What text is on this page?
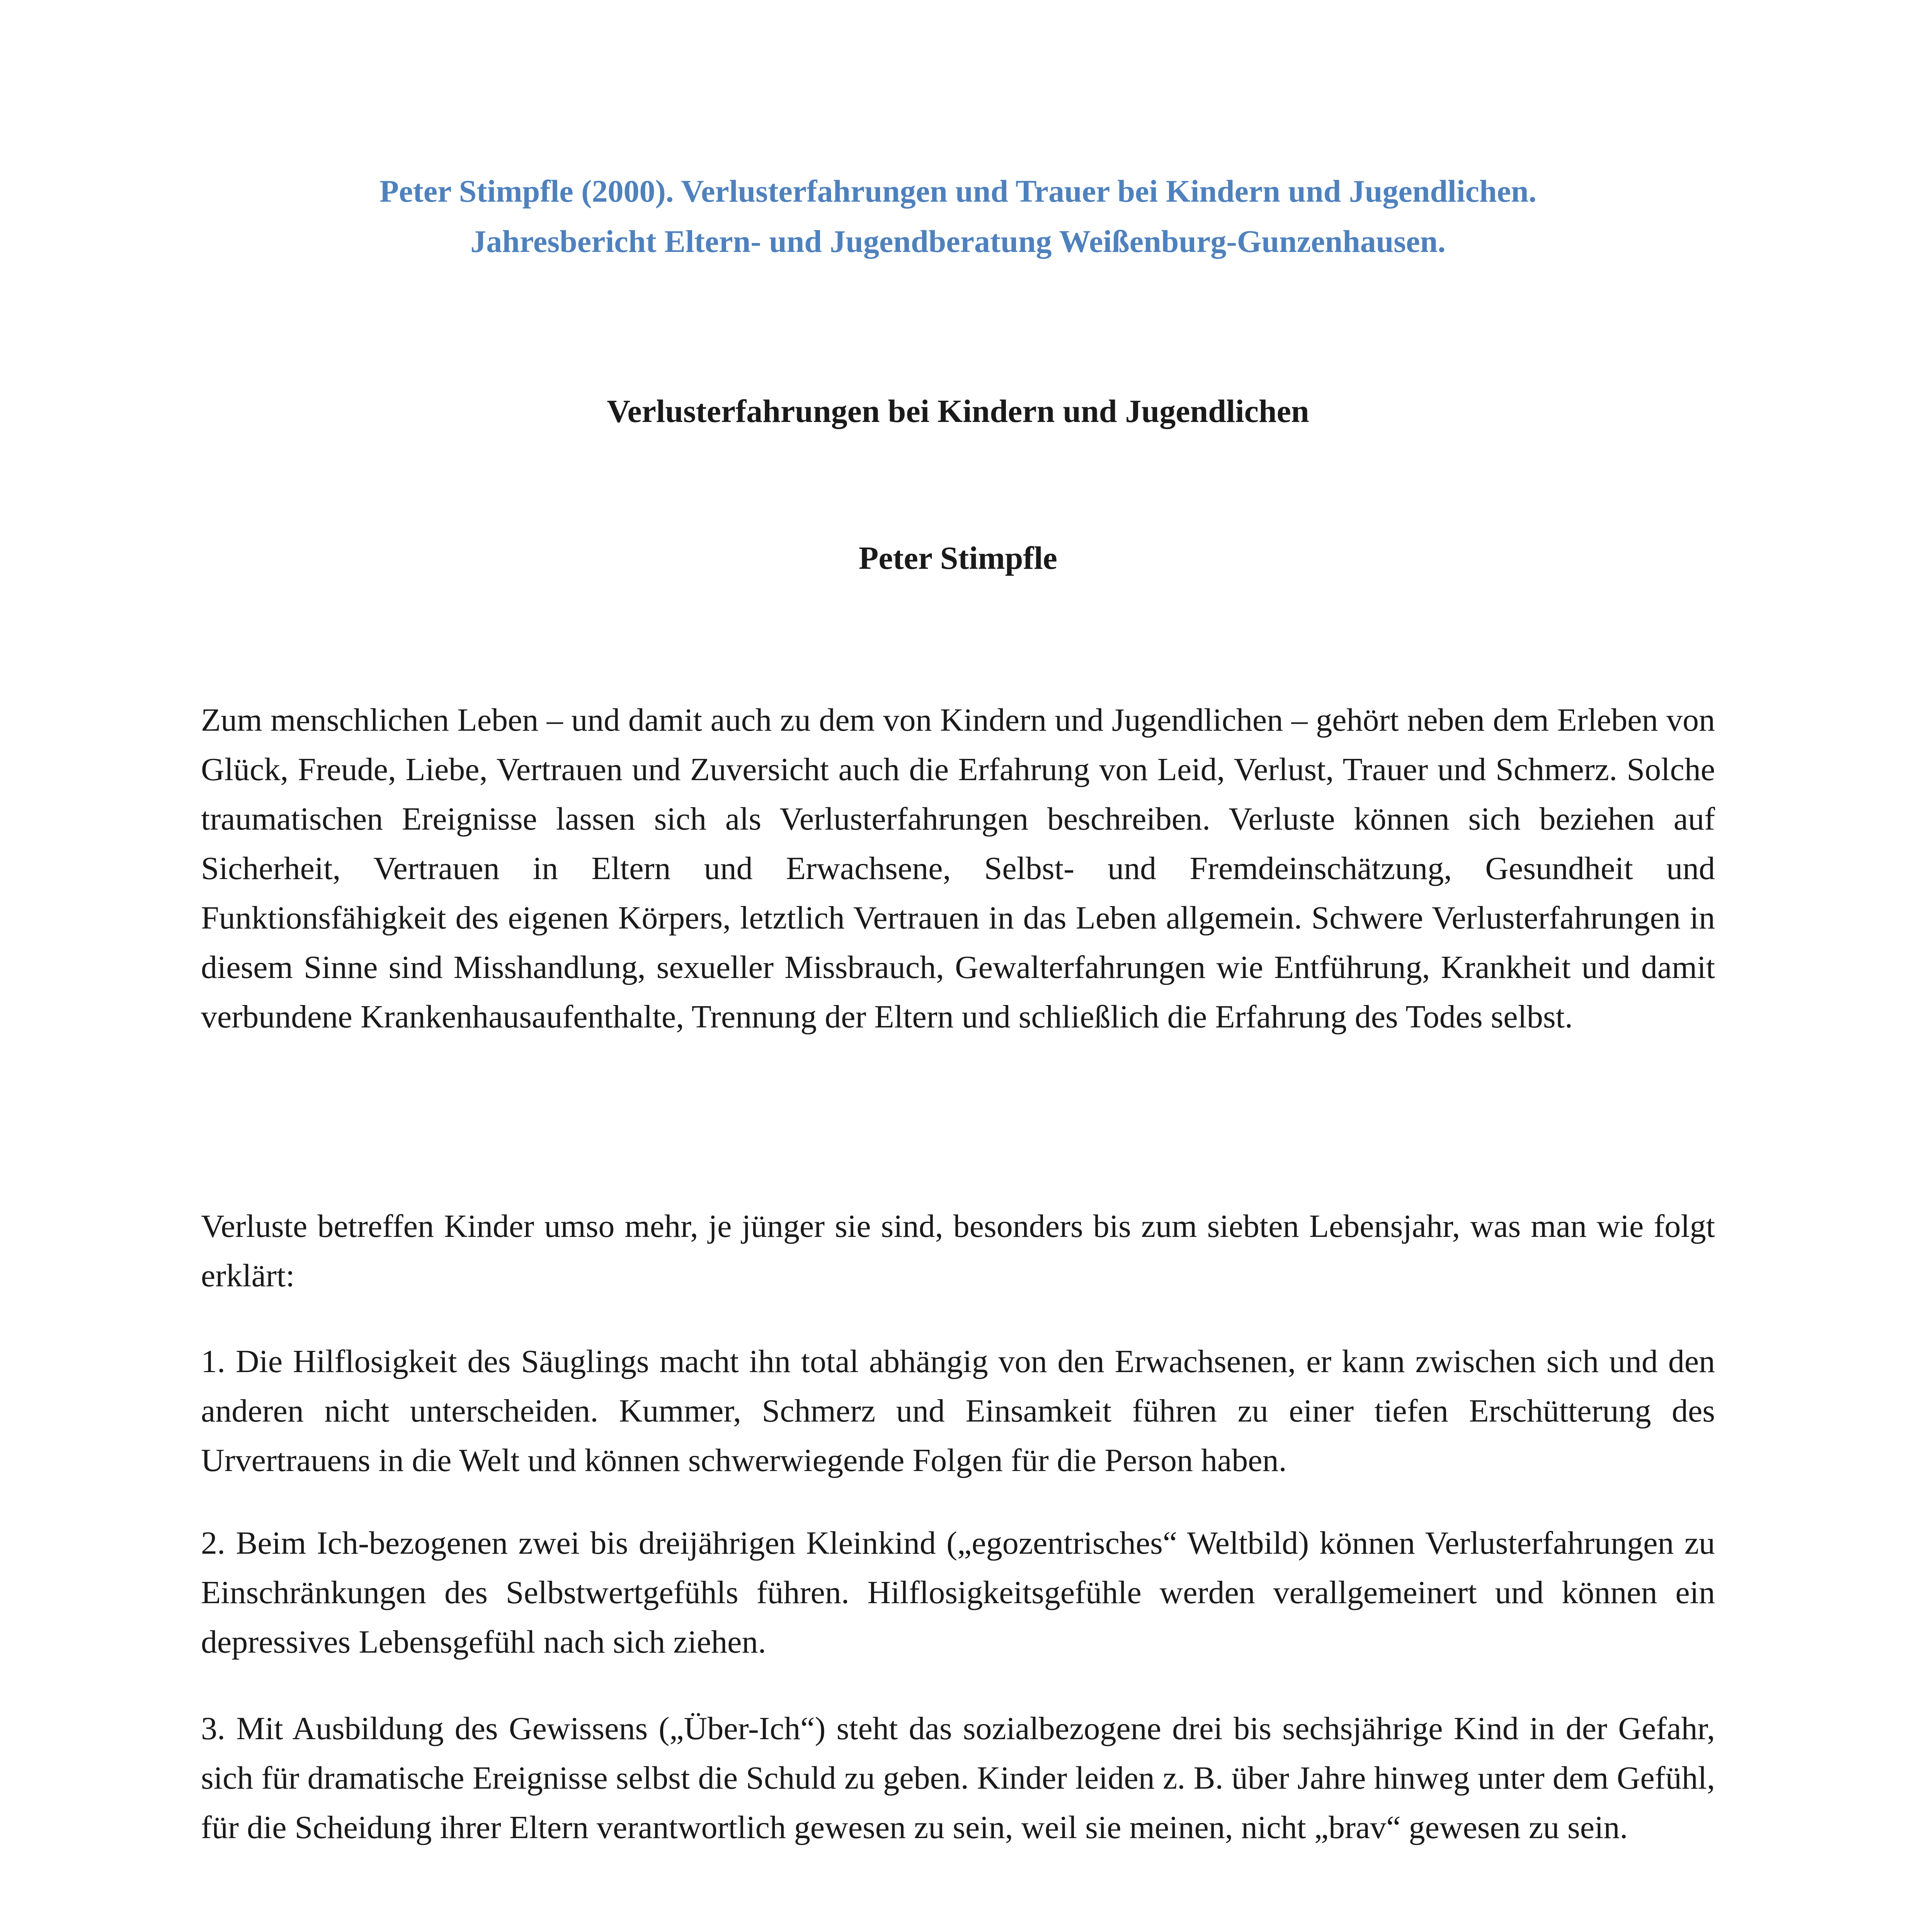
Peter Stimpfle (2000). Verlusterfahrungen und Trauer bei Kindern und Jugendlichen.
Jahresbericht Eltern- und Jugendberatung Weißenburg-Gunzenhausen.
Verlusterfahrungen bei Kindern und Jugendlichen
Peter Stimpfle
Zum menschlichen Leben – und damit auch zu dem von Kindern und Jugendlichen – gehört neben dem Erleben von Glück, Freude, Liebe, Vertrauen und Zuversicht auch die Erfahrung von Leid, Verlust, Trauer und Schmerz. Solche traumatischen Ereignisse lassen sich als Verlusterfahrungen beschreiben. Verluste können sich beziehen auf Sicherheit, Vertrauen in Eltern und Erwachsene, Selbst- und Fremdeinschätzung, Gesundheit und Funktionsfähigkeit des eigenen Körpers, letztlich Vertrauen in das Leben allgemein. Schwere Verlusterfahrungen in diesem Sinne sind Misshandlung, sexueller Missbrauch, Gewalterfahrungen wie Entführung, Krankheit und damit verbundene Krankenhausaufenthalte, Trennung der Eltern und schließlich die Erfahrung des Todes selbst.
Verluste betreffen Kinder umso mehr, je jünger sie sind, besonders bis zum siebten Lebensjahr, was man wie folgt erklärt:
1. Die Hilflosigkeit des Säuglings macht ihn total abhängig von den Erwachsenen, er kann zwischen sich und den anderen nicht unterscheiden. Kummer, Schmerz und Einsamkeit führen zu einer tiefen Erschütterung des Urvertrauens in die Welt und können schwerwiegende Folgen für die Person haben.
2. Beim Ich-bezogenen zwei bis dreijährigen Kleinkind („egozentrisches“ Weltbild) können Verlusterfahrungen zu Einschränkungen des Selbstwertgefühls führen. Hilflosigkeitsgefühle werden verallgemeinert und können ein depressives Lebensgefühl nach sich ziehen.
3. Mit Ausbildung des Gewissens („Über-Ich“) steht das sozialbezogene drei bis sechsjährige Kind in der Gefahr, sich für dramatische Ereignisse selbst die Schuld zu geben. Kinder leiden z. B. über Jahre hinweg unter dem Gefühl, für die Scheidung ihrer Eltern verantwortlich gewesen zu sein, weil sie meinen, nicht „brav“ gewesen zu sein.
